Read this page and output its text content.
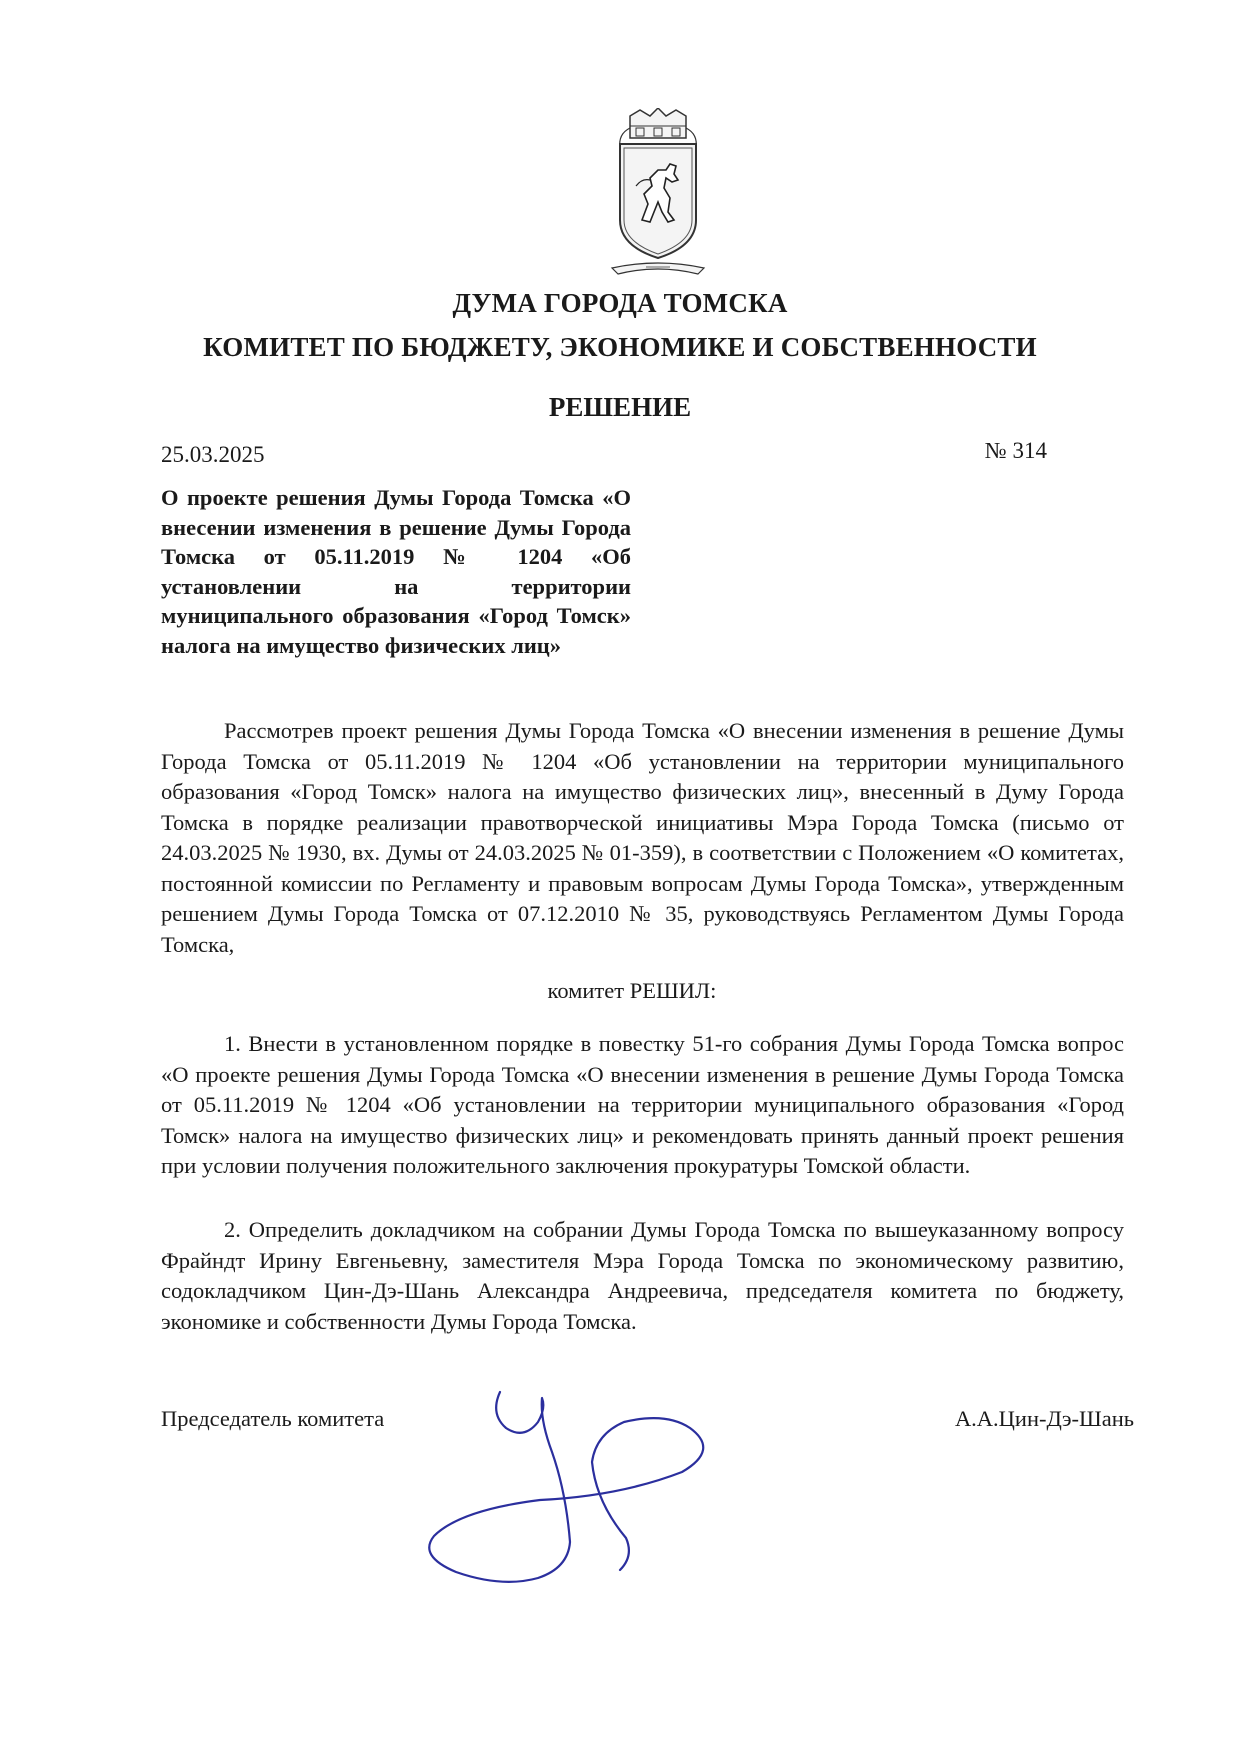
ДУМА ГОРОДА ТОМСКА
КОМИТЕТ ПО БЮДЖЕТУ, ЭКОНОМИКЕ И СОБСТВЕННОСТИ
РЕШЕНИЕ
25.03.2025	№ 314
О проекте решения Думы Города Томска «О внесении изменения в решение Думы Города Томска от 05.11.2019 № 1204 «Об установлении на территории муниципального образования «Город Томск» налога на имущество физических лиц»
Рассмотрев проект решения Думы Города Томска «О внесении изменения в решение Думы Города Томска от 05.11.2019 № 1204 «Об установлении на территории муниципального образования «Город Томск» налога на имущество физических лиц», внесенный в Думу Города Томска в порядке реализации правотворческой инициативы Мэра Города Томска (письмо от 24.03.2025 № 1930, вх. Думы от 24.03.2025 № 01-359), в соответствии с Положением «О комитетах, постоянной комиссии по Регламенту и правовым вопросам Думы Города Томска», утвержденным решением Думы Города Томска от 07.12.2010 № 35, руководствуясь Регламентом Думы Города Томска,
комитет РЕШИЛ:
1. Внести в установленном порядке в повестку 51-го собрания Думы Города Томска вопрос «О проекте решения Думы Города Томска «О внесении изменения в решение Думы Города Томска от 05.11.2019 № 1204 «Об установлении на территории муниципального образования «Город Томск» налога на имущество физических лиц» и рекомендовать принять данный проект решения при условии получения положительного заключения прокуратуры Томской области.
2. Определить докладчиком на собрании Думы Города Томска по вышеуказанному вопросу Фрайндт Ирину Евгеньевну, заместителя Мэра Города Томска по экономическому развитию, содокладчиком Цин-Дэ-Шань Александра Андреевича, председателя комитета по бюджету, экономике и собственности Думы Города Томска.
Председатель комитета	А.А.Цин-Дэ-Шань
